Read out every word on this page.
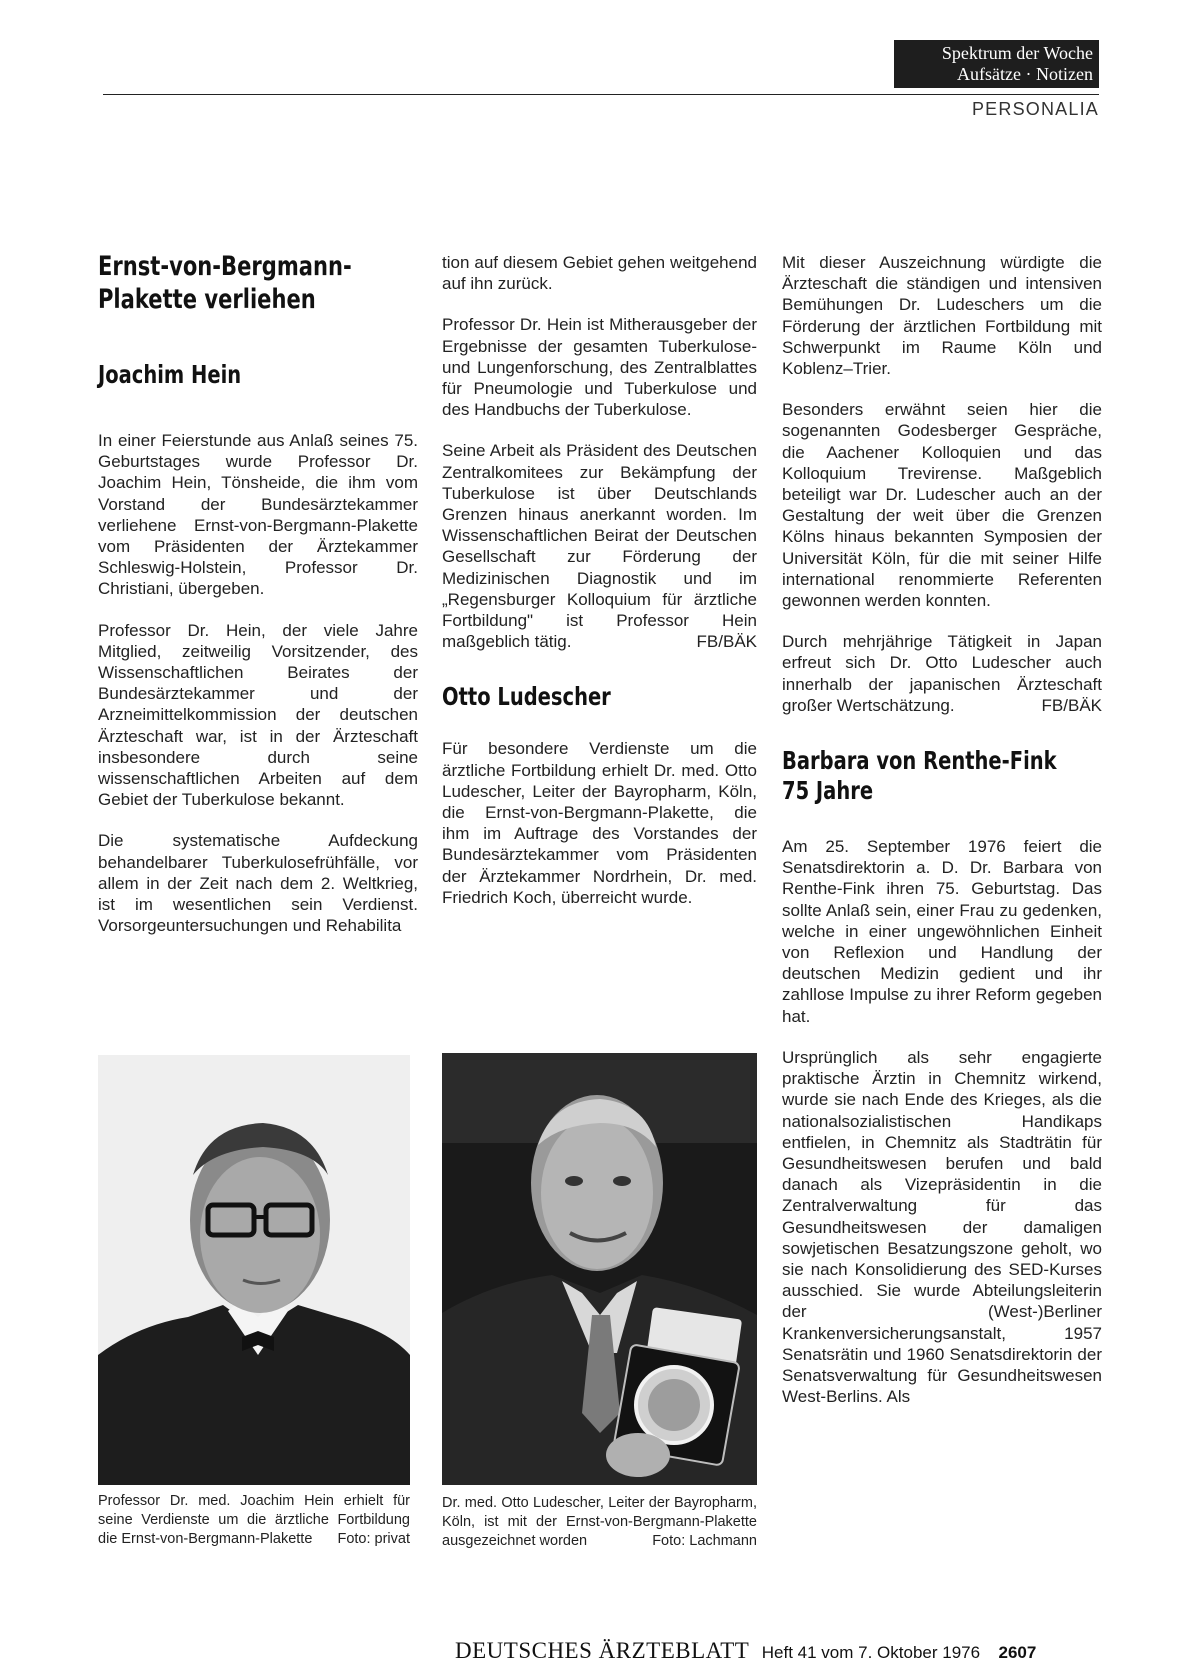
Spektrum der Woche
Aufsätze · Notizen
PERSONALIA
Ernst-von-Bergmann-
Plakette verliehen
Joachim Hein

In einer Feierstunde aus Anlaß seines 75. Geburtstages wurde Professor Dr. Joachim Hein, Tönsheide, die ihm vom Vorstand der Bundesärztekammer verliehene Ernst-von-Bergmann-Plakette vom Präsidenten der Ärztekammer Schleswig-Holstein, Professor Dr. Christiani, übergeben.

Professor Dr. Hein, der viele Jahre Mitglied, zeitweilig Vorsitzender, des Wissenschaftlichen Beirates der Bundesärztekammer und der Arzneimittelkommission der deutschen Ärzteschaft war, ist in der Ärzteschaft insbesondere durch seine wissenschaftlichen Arbeiten auf dem Gebiet der Tuberkulose bekannt.

Die systematische Aufdeckung behandelbarer Tuberkulosefrühfälle, vor allem in der Zeit nach dem 2. Weltkrieg, ist im wesentlichen sein Verdienst. Vorsorgeuntersuchungen und Rehabilita

tion auf diesem Gebiet gehen weitgehend auf ihn zurück.

Professor Dr. Hein ist Mitherausgeber der Ergebnisse der gesamten Tuberkulose- und Lungenforschung, des Zentralblattes für Pneumologie und Tuberkulose und des Handbuchs der Tuberkulose.

Seine Arbeit als Präsident des Deutschen Zentralkomitees zur Bekämpfung der Tuberkulose ist über Deutschlands Grenzen hinaus anerkannt worden. Im Wissenschaftlichen Beirat der Deutschen Gesellschaft zur Förderung der Medizinischen Diagnostik und im „Regensburger Kolloquium für ärztliche Fortbildung" ist Professor Hein maßgeblich tätig.	FB/BÄK

Otto Ludescher

Für besondere Verdienste um die ärztliche Fortbildung erhielt Dr. med. Otto Ludescher, Leiter der Bayropharm, Köln, die Ernst-von-Bergmann-Plakette, die ihm im Auftrage des Vorstandes der Bundesärztekammer vom Präsidenten der Ärztekammer Nordrhein, Dr. med. Friedrich Koch, überreicht wurde.

Mit dieser Auszeichnung würdigte die Ärzteschaft die ständigen und intensiven Bemühungen Dr. Ludeschers um die Förderung der ärztlichen Fortbildung mit Schwerpunkt im Raume Köln und Koblenz–Trier.

Besonders erwähnt seien hier die sogenannten Godesberger Gespräche, die Aachener Kolloquien und das Kolloquium Trevirense. Maßgeblich beteiligt war Dr. Ludescher auch an der Gestaltung der weit über die Grenzen Kölns hinaus bekannten Symposien der Universität Köln, für die mit seiner Hilfe international renommierte Referenten gewonnen werden konnten.

Durch mehrjährige Tätigkeit in Japan erfreut sich Dr. Otto Ludescher auch innerhalb der japanischen Ärzteschaft großer Wertschätzung.	FB/BÄK

Barbara von Renthe-Fink
75 Jahre

Am 25. September 1976 feiert die Senatsdirektorin a. D. Dr. Barbara von Renthe-Fink ihren 75. Geburtstag. Das sollte Anlaß sein, einer Frau zu gedenken, welche in einer ungewöhnlichen Einheit von Reflexion und Handlung der deutschen Medizin gedient und ihr zahllose Impulse zu ihrer Reform gegeben hat.

Ursprünglich als sehr engagierte praktische Ärztin in Chemnitz wirkend, wurde sie nach Ende des Krieges, als die nationalsozialistischen Handikaps entfielen, in Chemnitz als Stadträtin für Gesundheitswesen berufen und bald danach als Vizepräsidentin in die Zentralverwaltung für das Gesundheitswesen der damaligen sowjetischen Besatzungszone geholt, wo sie nach Konsolidierung des SED-Kurses ausschied. Sie wurde Abteilungsleiterin der (West-)Berliner Krankenversicherungsanstalt, 1957 Senatsrätin und 1960 Senatsdirektorin der Senatsverwaltung für Gesundheitswesen West-Berlins. Als

Professor Dr. med. Joachim Hein erhielt für seine Verdienste um die ärztliche Fortbildung die Ernst-von-Bergmann-Plakette Foto: privat
Dr. med. Otto Ludescher, Leiter der Bayropharm, Köln, ist mit der Ernst-von-Bergmann-Plakette ausgezeichnet worden	Foto: Lachmann
DEUTSCHES ÄRZTEBLATT Heft 41 vom 7. Oktober 1976 2607
